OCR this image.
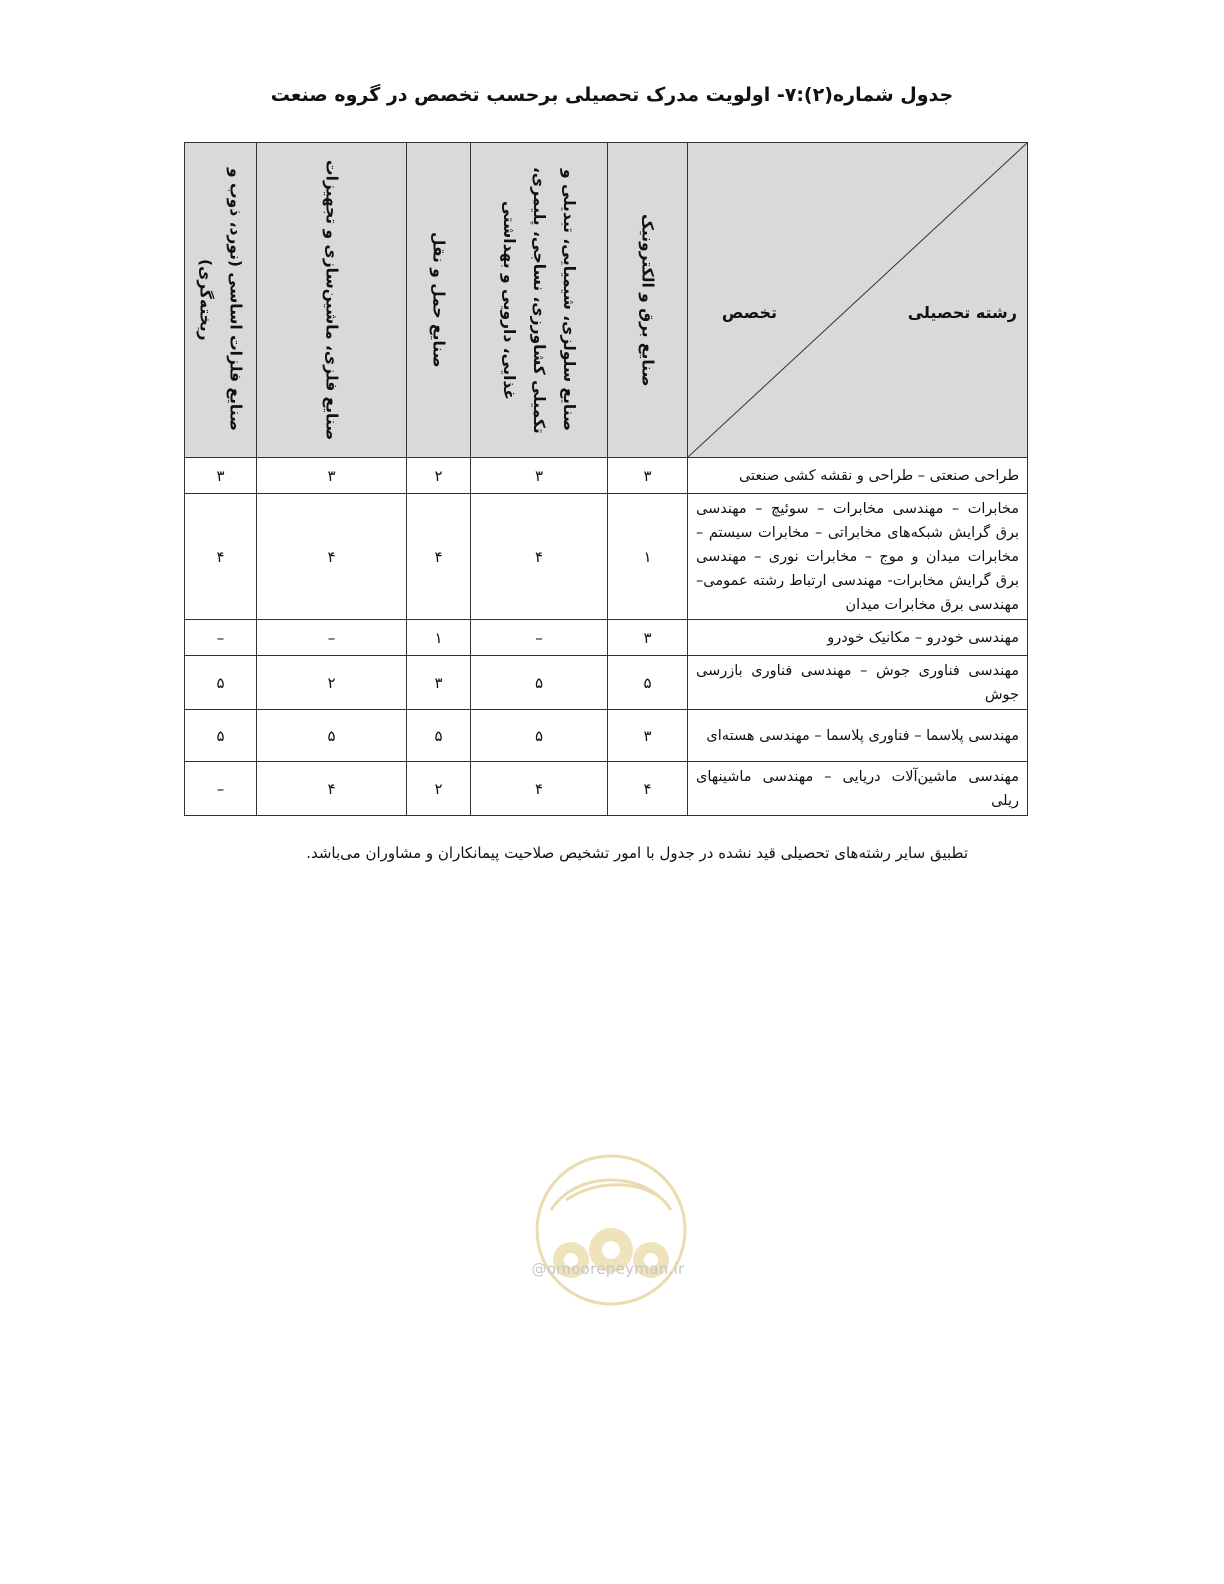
جدول شماره(۲):۷- اولویت مدرک تحصیلی برحسب تخصص در گروه صنعت
رشته تحصیلی
تخصص	صنایع برق و الکترونیک	صنایع سلولزی، شیمیایی، تبدیلی و تکمیلی کشاورزی، نساجی، پلیمری، غذایی، دارویی و بهداشتی	صنایع حمل و نقل	صنایع فلزی، ماشین‌سازی و تجهیزات	صنایع فلزات اساسی (نورد، ذوب و ریخته‌گری)

طراحی صنعتی – طراحی و نقشه کشی صنعتی	۳	۳	۲	۳	۳
مخابرات – مهندسی مخابرات – سوئیچ – مهندسی برق گرایش شبکه‌های مخابراتی – مخابرات سیستم – مخابرات میدان و موج – مخابرات نوری – مهندسی برق گرایش مخابرات- مهندسی ارتباط رشته عمومی–مهندسی برق مخابرات میدان	۱	۴	۴	۴	۴
مهندسی خودرو – مکانیک خودرو	۳	–	۱	–	–
مهندسی فناوری جوش – مهندسی فناوری بازرسی جوش	۵	۵	۳	۲	۵
مهندسی پلاسما – فناوری پلاسما – مهندسی هسته‌ای	۳	۵	۵	۵	۵
مهندسی ماشین‌آلات دریایی – مهندسی ماشینهای ریلی	۴	۴	۲	۴	–
تطبیق سایر رشته‌های تحصیلی قید نشده در جدول با امور تشخیص صلاحیت پیمانکاران و مشاوران می‌باشد.
@omoorepeyman.ir
